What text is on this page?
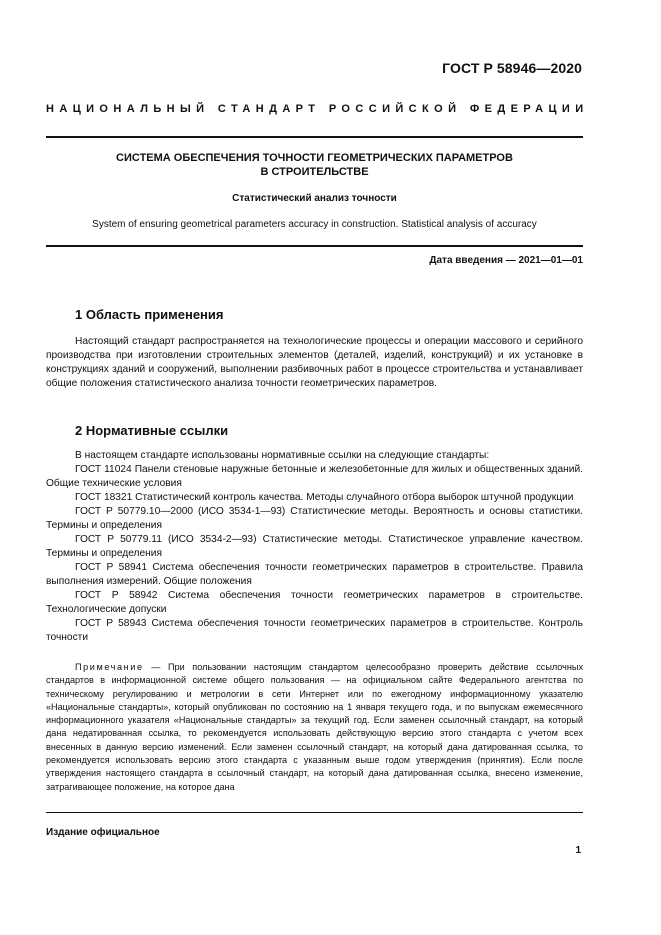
ГОСТ Р 58946—2020
НАЦИОНАЛЬНЫЙ СТАНДАРТ РОССИЙСКОЙ ФЕДЕРАЦИИ
СИСТЕМА ОБЕСПЕЧЕНИЯ ТОЧНОСТИ ГЕОМЕТРИЧЕСКИХ ПАРАМЕТРОВ
В СТРОИТЕЛЬСТВЕ
Статистический анализ точности
System of ensuring geometrical parameters accuracy in construction. Statistical analysis of accuracy
Дата введения — 2021—01—01
1 Область применения
Настоящий стандарт распространяется на технологические процессы и операции массового и серийного производства при изготовлении строительных элементов (деталей, изделий, конструкций) и их установке в конструкциях зданий и сооружений, выполнении разбивочных работ в процессе строительства и устанавливает общие положения статистического анализа точности геометрических параметров.
2 Нормативные ссылки

В настоящем стандарте использованы нормативные ссылки на следующие стандарты:

ГОСТ 11024 Панели стеновые наружные бетонные и железобетонные для жилых и общественных зданий. Общие технические условия

ГОСТ 18321 Статистический контроль качества. Методы случайного отбора выборок штучной продукции

ГОСТ Р 50779.10—2000 (ИСО 3534-1—93) Статистические методы. Вероятность и основы статистики. Термины и определения

ГОСТ Р 50779.11 (ИСО 3534-2—93) Статистические методы. Статистическое управление качеством. Термины и определения

ГОСТ Р 58941 Система обеспечения точности геометрических параметров в строительстве. Правила выполнения измерений. Общие положения

ГОСТ Р 58942 Система обеспечения точности геометрических параметров в строительстве. Технологические допуски

ГОСТ Р 58943 Система обеспечения точности геометрических параметров в строительстве. Контроль точности

Примечание — При пользовании настоящим стандартом целесообразно проверить действие ссылочных стандартов в информационной системе общего пользования — на официальном сайте Федерального агентства по техническому регулированию и метрологии в сети Интернет или по ежегодному информационному указателю «Национальные стандарты», который опубликован по состоянию на 1 января текущего года, и по выпускам ежемесячного информационного указателя «Национальные стандарты» за текущий год. Если заменен ссылочный стандарт, на который дана недатированная ссылка, то рекомендуется использовать действующую версию этого стандарта с учетом всех внесенных в данную версию изменений. Если заменен ссылочный стандарт, на который дана датированная ссылка, то рекомендуется использовать версию этого стандарта с указанным выше годом утверждения (принятия). Если после утверждения настоящего стандарта в ссылочный стандарт, на который дана датированная ссылка, внесено изменение, затрагивающее положение, на которое дана
Издание официальное
1
